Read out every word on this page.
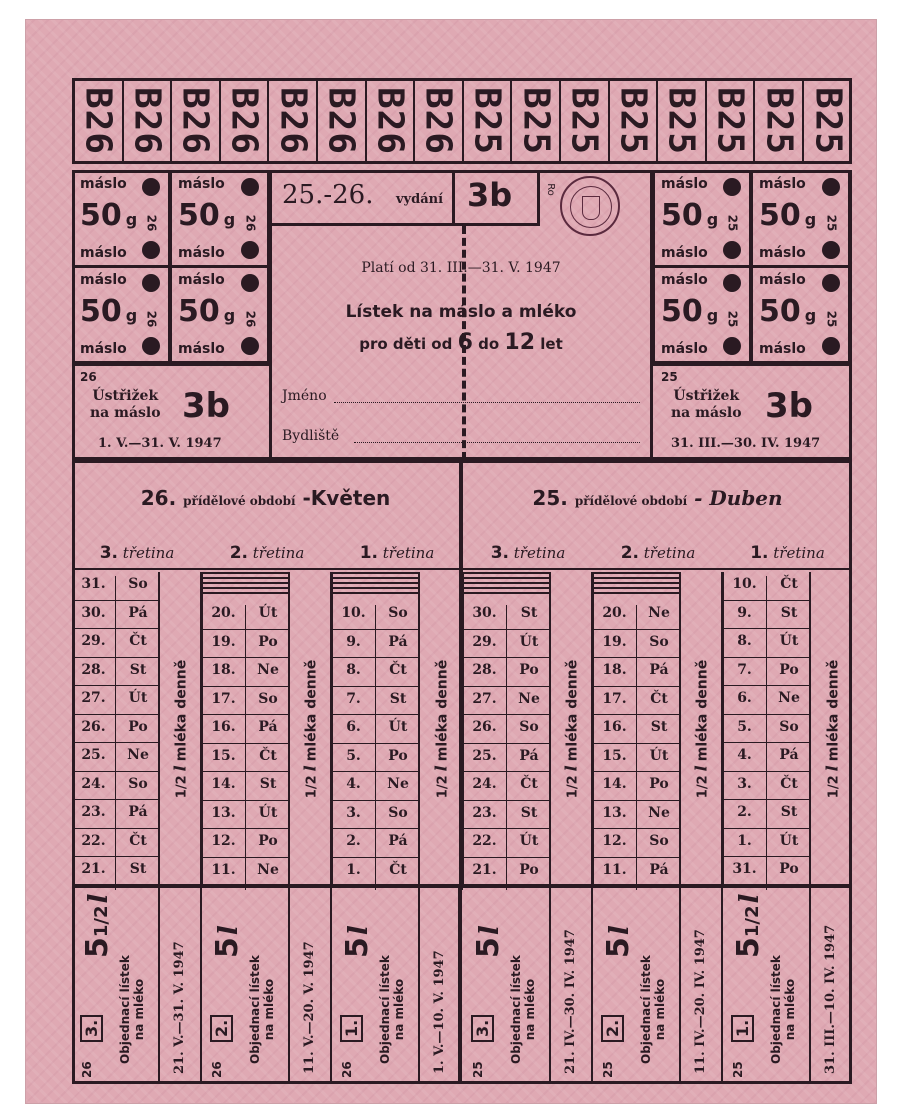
26
Ústřižek
na máslo 3b
1. V.—31. V. 1947
25
Ústřižek
na máslo 3b
31. III.—30. IV. 1947
25.-26. vydání 3b	Ro
Platí od 31. III.—31. V. 1947
Lístek na máslo a mléko
pro děti od 6 do 12 let
Jméno
Bydliště
26. přídělové období -Květen	25. přídělové období - Duben
B26 B26 B26 B26 B26 B26 B26 B26 B25 B25 B25 B25 B25 B25 B25 B25
máslo
50 g 26
máslo
máslo
50 g 26
máslo
máslo
50 g 26
máslo
máslo
50 g 26
máslo
máslo
50 g 25
máslo
máslo
50 g 25
máslo
máslo
50 g 25
máslo
máslo
50 g 25
máslo
3. třetina	2. třetina	1. třetina	3. třetina	2. třetina	1. třetina
31.	So
30.	Pá
29.	Čt
28.	St
27.	Út
26.	Po
25.	Ne
24.	So
23.	Pá
22.	Čt
21.	St
1/2lmléka denně
20.	Út
19.	Po
18.	Ne
17.	So
16.	Pá
15.	Čt
14.	St
13.	Út
12.	Po
11.	Ne
1/2lmléka denně
10.	So
9.	Pá
8.	Čt
7.	St
6.	Út
5.	Po
4.	Ne
3.	So
2.	Pá
1.	Čt
1/2lmléka denně
30.	St
29.	Út
28.	Po
27.	Ne
26.	So
25.	Pá
24.	Čt
23.	St
22.	Út
21.	Po
1/2lmléka denně
20.	Ne
19.	So
18.	Pá
17.	Čt
16.	St
15.	Út
14.	Po
13.	Ne
12.	So
11.	Pá
1/2lmléka denně
10.	Čt
9.	St
8.	Út
7.	Po
6.	Ne
5.	So
4.	Pá
3.	Čt
2.	St
1.	Út
31.	Po
1/2lmléka denně
26
3.
51/2l
Objednací lístek na mléko 21. V.—31. V. 1947 26
2.
5l
Objednací lístek na mléko 11. V.—20. V. 1947 26
1.
5l
Objednací lístek na mléko 1. V.—10. V. 1947 25
3.
5l
Objednací lístek na mléko 21. IV.—30. IV. 1947 25
2.
5l
Objednací lístek na mléko 11. IV.—20. IV. 1947 25
1.
51/2l
Objednací lístek na mléko 31. III.—10. IV. 1947
